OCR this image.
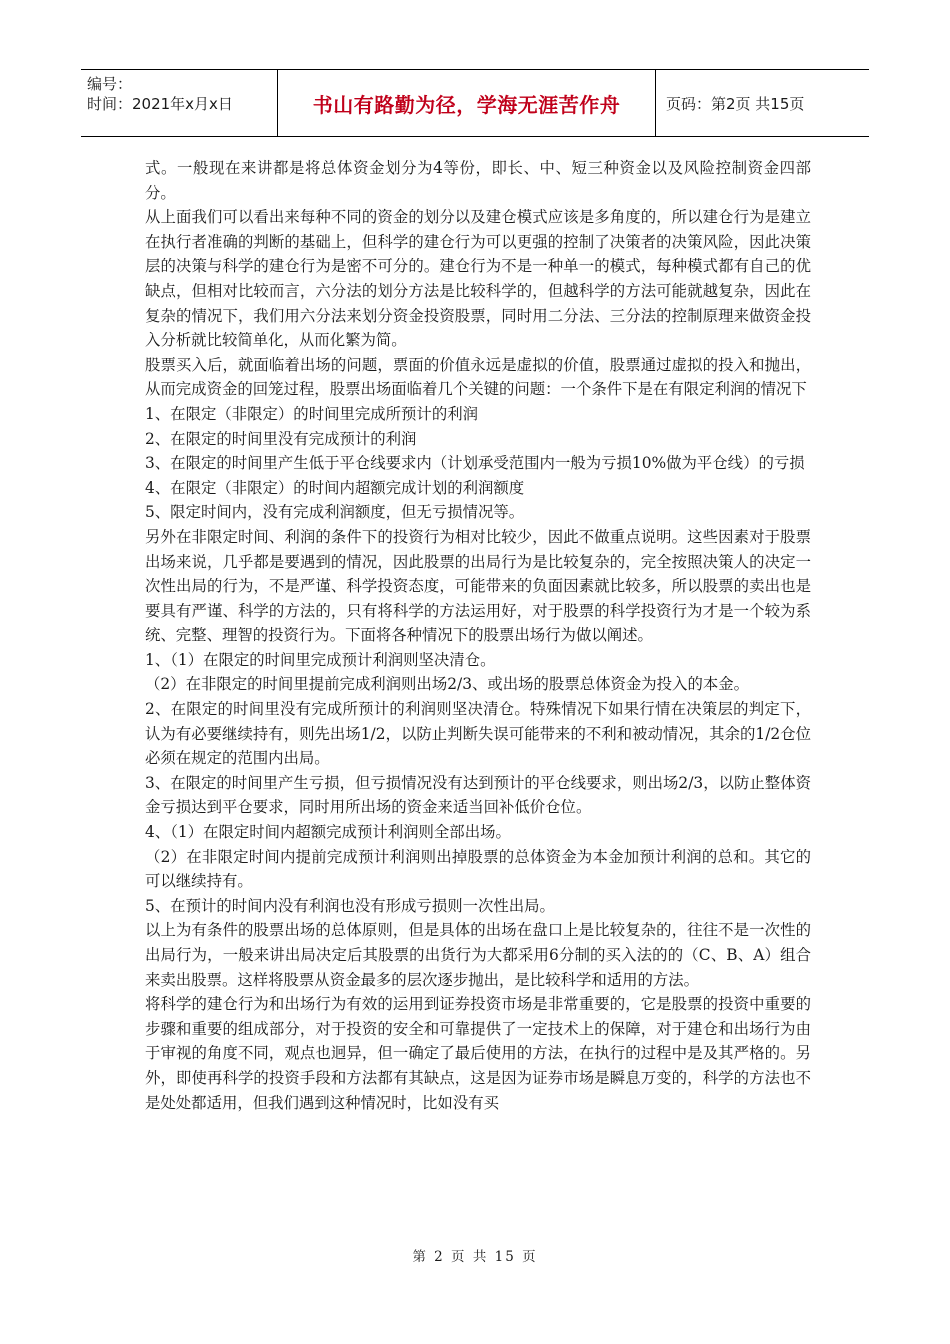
编号：
时间：2021年x月x日	书山有路勤为径，学海无涯苦作舟	页码：第2页 共15页

式。一般现在来讲都是将总体资金划分为4等份，即长、中、短三种资金以及风险控制资金四部分。

从上面我们可以看出来每种不同的资金的划分以及建仓模式应该是多角度的，所以建仓行为是建立在执行者准确的判断的基础上，但科学的建仓行为可以更强的控制了决策者的决策风险，因此决策层的决策与科学的建仓行为是密不可分的。建仓行为不是一种单一的模式，每种模式都有自己的优缺点，但相对比较而言，六分法的划分方法是比较科学的，但越科学的方法可能就越复杂，因此在复杂的情况下，我们用六分法来划分资金投资股票，同时用二分法、三分法的控制原理来做资金投入分析就比较简单化，从而化繁为简。

股票买入后，就面临着出场的问题，票面的价值永远是虚拟的价值，股票通过虚拟的投入和抛出，从而完成资金的回笼过程，股票出场面临着几个关键的问题：一个条件下是在有限定利润的情况下

1、在限定（非限定）的时间里完成所预计的利润

2、在限定的时间里没有完成预计的利润

3、在限定的时间里产生低于平仓线要求内（计划承受范围内一般为亏损10%做为平仓线）的亏损

4、在限定（非限定）的时间内超额完成计划的利润额度

5、限定时间内，没有完成利润额度，但无亏损情况等。

另外在非限定时间、利润的条件下的投资行为相对比较少，因此不做重点说明。这些因素对于股票出场来说，几乎都是要遇到的情况，因此股票的出局行为是比较复杂的，完全按照决策人的决定一次性出局的行为，不是严谨、科学投资态度，可能带来的负面因素就比较多，所以股票的卖出也是要具有严谨、科学的方法的，只有将科学的方法运用好，对于股票的科学投资行为才是一个较为系统、完整、理智的投资行为。下面将各种情况下的股票出场行为做以阐述。

1、（1）在限定的时间里完成预计利润则坚决清仓。

（2）在非限定的时间里提前完成利润则出场2/3、或出场的股票总体资金为投入的本金。

2、在限定的时间里没有完成所预计的利润则坚决清仓。特殊情况下如果行情在决策层的判定下，认为有必要继续持有，则先出场1/2，以防止判断失误可能带来的不利和被动情况，其余的1/2仓位必须在规定的范围内出局。

3、在限定的时间里产生亏损，但亏损情况没有达到预计的平仓线要求，则出场2/3，以防止整体资金亏损达到平仓要求，同时用所出场的资金来适当回补低价仓位。

4、（1）在限定时间内超额完成预计利润则全部出场。

（2）在非限定时间内提前完成预计利润则出掉股票的总体资金为本金加预计利润的总和。其它的可以继续持有。

5、在预计的时间内没有利润也没有形成亏损则一次性出局。

以上为有条件的股票出场的总体原则，但是具体的出场在盘口上是比较复杂的，往往不是一次性的出局行为，一般来讲出局决定后其股票的出货行为大都采用6分制的买入法的的（C、B、A）组合来卖出股票。这样将股票从资金最多的层次逐步抛出，是比较科学和适用的方法。

将科学的建仓行为和出场行为有效的运用到证券投资市场是非常重要的，它是股票的投资中重要的步骤和重要的组成部分，对于投资的安全和可靠提供了一定技术上的保障，对于建仓和出场行为由于审视的角度不同，观点也迥异，但一确定了最后使用的方法，在执行的过程中是及其严格的。另外，即使再科学的投资手段和方法都有其缺点，这是因为证券市场是瞬息万变的，科学的方法也不是处处都适用，但我们遇到这种情况时，比如没有买

第 2 页 共 15 页
